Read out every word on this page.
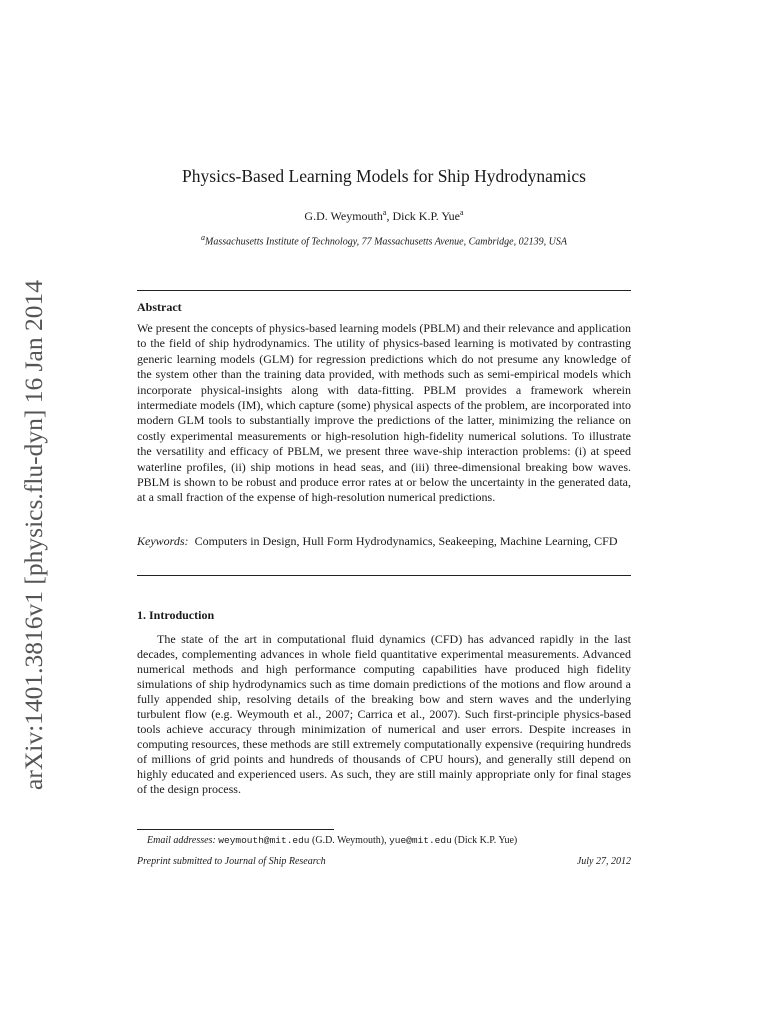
arXiv:1401.3816v1 [physics.flu-dyn] 16 Jan 2014
Physics-Based Learning Models for Ship Hydrodynamics
G.D. Weymouth$^a$, Dick K.P. Yue$^a$
$^a$Massachusetts Institute of Technology, 77 Massachusetts Avenue, Cambridge, 02139, USA
Abstract

We present the concepts of physics-based learning models (PBLM) and their relevance and application to the field of ship hydrodynamics. The utility of physics-based learning is motivated by contrasting generic learning models (GLM) for regression predictions which do not presume any knowledge of the system other than the training data provided, with methods such as semi-empirical models which incorporate physical-insights along with data-fitting. PBLM provides a framework wherein intermediate models (IM), which capture (some) physical aspects of the problem, are incorporated into modern GLM tools to substantially improve the predictions of the latter, minimizing the reliance on costly experimental measurements or high-resolution high-fidelity numerical solutions. To illustrate the versatility and efficacy of PBLM, we present three wave-ship interaction problems: (i) at speed waterline profiles, (ii) ship motions in head seas, and (iii) three-dimensional breaking bow waves. PBLM is shown to be robust and produce error rates at or below the uncertainty in the generated data, at a small fraction of the expense of high-resolution numerical predictions.

Keywords: Computers in Design, Hull Form Hydrodynamics, Seakeeping, Machine Learning, CFD

1. Introduction

The state of the art in computational fluid dynamics (CFD) has advanced rapidly in the last decades, complementing advances in whole field quantitative experimental measurements. Advanced numerical methods and high performance computing capabilities have produced high fidelity simulations of ship hydrodynamics such as time domain predictions of the motions and flow around a fully appended ship, resolving details of the breaking bow and stern waves and the underlying turbulent flow (e.g. Weymouth et al., 2007; Carrica et al., 2007). Such first-principle physics-based tools achieve accuracy through minimization of numerical and user errors. Despite increases in computing resources, these methods are still extremely computationally expensive (requiring hundreds of millions of grid points and hundreds of thousands of CPU hours), and generally still depend on highly educated and experienced users. As such, they are still mainly appropriate only for final stages of the design process.

Email addresses: weymouth@mit.edu (G.D. Weymouth), yue@mit.edu (Dick K.P. Yue)

Preprint submitted to Journal of Ship Research	July 27, 2012
